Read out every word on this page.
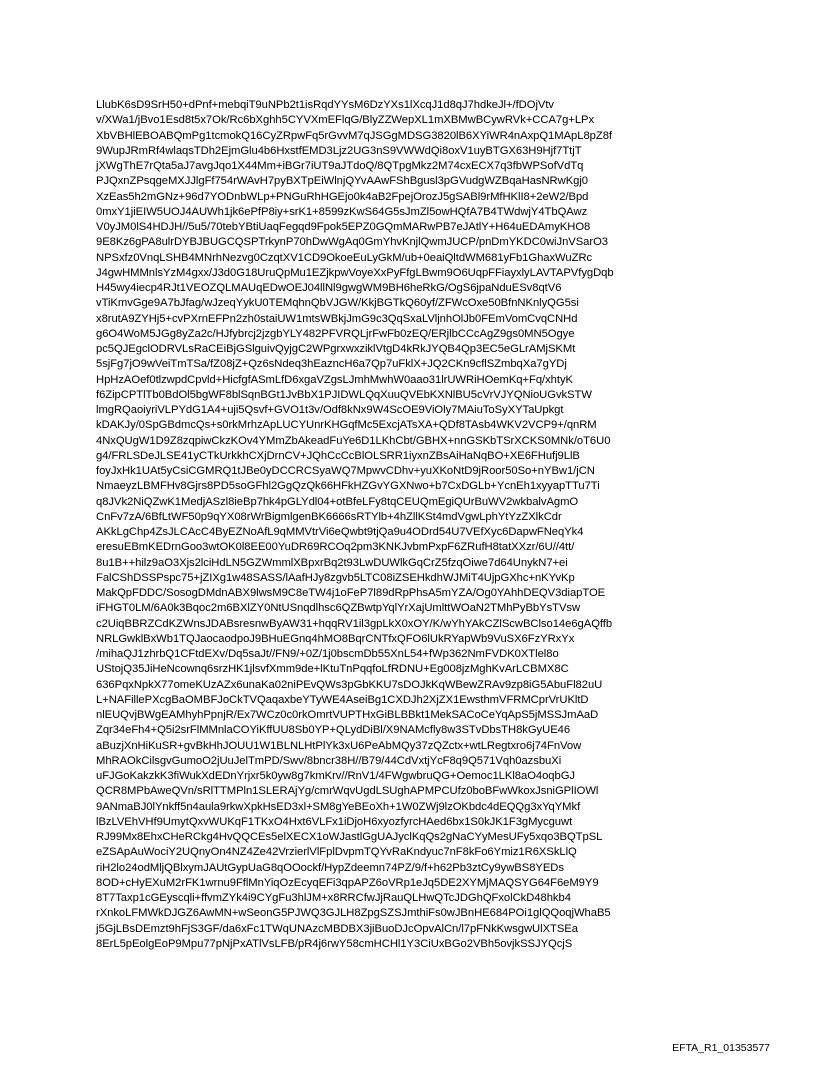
LlubK6sD9SrH50+dPnf+mebqiT9uNPb2t1isRqdYYsM6DzYXs1lXcqJ1d8qJ7hdkeJl+/fDOjVtv
v/XWa1/jBvo1Esd8t5x7Ok/Rc6bXghh5CYVXmEFlqG/BlyZZWepXL1mXBMwBCywRVk+CCA7g+LPx
XbVBHlEBOABQmPg1tcmokQ16CyZRpwFq5rGvvM7qJSGgMDSG3820lB6XYiWR4nAxpQ1MApL8pZ8f
9WupJRmRf4wlaqsTDh2EjmGlu4b6HxstfEMD3Ljz2UG3nS9VWWdQi8oxV1uyBTGX63H9Hjf7TtjT
jXWgThE7rQta5aJ7avgJqo1X44Mm+iBGr7iUT9aJTdoQ/8QTpgMkz2M74cxECX7q3fbWPSofVdTq
PJQxnZPsqgeMXJJlgFf754rWAvH7pyBXTpEiWlnjQYvAAwFShBgusl3pGVudgWZBqaHasNRwKgj0
XzEas5h2mGNz+96d7YODnbWLp+PNGuRhHGEjo0k4aB2FpejOrozJ5gSABl9rMfHKlI8+2eW2/Bpd
0mxY1jiEIW5UOJ4AUWh1jk6ePfP8iy+srK1+8599zKwS64G5sJmZl5owHQfA7B4TWdwjY4TbQAwz
V0yJM0lS4HDJH//5u5/70tebYBtiUaqFegqd9Fpok5EPZ0GQmMARwPB7eJAtlY+H64uEDAmyKHO8
9E8Kz6gPA8ulrDYBJBUGCQSPTrkynP70hDwWgAq0GmYhvKnjlQwmJUCP/pnDmYKDC0wiJnVSarO3
NPSxfz0VnqLSHB4MNrhNezvg0CzqtXV1CD9OkoeEuLyGkM/ub+0eaiQltdWM681yFb1GhaxWuZRc
J4gwHMMnlsYzM4gxx/J3d0G18UruQpMu1EZjkpwVoyeXxPyFfgLBwm9O6UqpFFiayxlyLAVTAPVfygDqb
H45wy4iecp4RJt1VEOZQLMAUqEDwOEJ04llNl9gwgWM9BH6heRkG/OgS6jpaNduESv8qtV6
vTiKmvGge9A7bJfag/wJzeqYykU0TEMqhnQbVJGW/KkjBGTkQ60yf/ZFWcOxe50BfnNKnlyQG5si
x8rutA9ZYHj5+cvPXrnEFPn2zh0staiUW1mtsWBkjJmG9c3QqSxaLVljnhOlJb0FEmVomCvqCNHd
g6O4WoM5JGg8yZa2c/HJfybrcj2jzgbYLY482PFVRQLjrFwFb0zEQ/ERjlbCCcAgZ9gs0MN5Ogye
pc5QJEgclODRVLsRaCEiBjGSlguivQyjgC2WPgrxwxziklVtgD4kRkJYQB4Qp3EC5eGLrAMjSKMt
5sjFg7jO9wVeiTmTSa/fZ08jZ+Qz6sNdeq3hEazncH6a7Qp7uFklX+JQ2CKn9cflSZmbqXa7gYDj
HpHzAOef0tlzwpdCpvld+HicfgfASmLfD6xgaVZgsLJmhMwhW0aao31lrUWRiHOemKq+Fq/xhtyK
f6ZipCPTlTb0BdOl5bgWF8blSqnBGt1JvBbX1PJIDWLQqXuuQVEbKXNlBU5cVrVJYQNioUGvkSTW
lmgRQaoiyriVLPYdG1A4+uji5Qsvf+GVO1t3v/Odf8kNx9W4ScOE9ViOly7MAiuToSyXYTaUpkgt
kDAKJy/0SpGBdmcQs+s0rkMrhzApLUCYUnrKHGqfMc5ExcjATsXA+QDf8TAsb4WKV2VCP9+/qnRM
4NxQUgW1D9Z8zqpiwCkzKOv4YMmZbAkeadFuYe6D1LKhCbt/GBHX+nnGSKbTSrXCKS0MNk/oT6U0
g4/FRLSDeJLSE41yCTkUrkkhCXjDrnCV+JQhCcCcBlOLSRR1iyxnZBsAiHaNqBO+XE6FHufj9LlB
foyJxHk1UAt5yCsiCGMRQ1tJBe0yDCCRCSyaWQ7MpwvCDhv+yuXKoNtD9jRoor50So+nYBw1/jCN
NmaeyzLBMFHv8Gjrs8PD5soGFhl2GgQzQk66HFkHZGvYGXNwo+b7CxDGLb+YcnEh1xyyapTTu7Ti
q8JVk2NiQZwK1MedjASzl8ieBp7hk4pGLYdl04+otBfeLFy8tqCEUQmEgiQUrBuWV2wkbalvAgmO
CnFv7zA/6BfLtWF50p9qYX08rWrBigmlgenBK6666sRTYlb+4hZllKSt4mdVgwLphYtYzZXlkCdr
AKkLgChp4ZsJLCAcC4ByEZNoAfL9qMMVtrVi6eQwbt9tjQa9u4ODrd54U7VEfXyc6DapwFNeqYk4
eresuEBmKEDrnGoo3wtOK0l8EE00YuDR69RCOq2pm3KNKJvbmPxpF6ZRufH8tatXXzr/6U//4tt/
8u1B++hilz9aO3Xjs2lciHdLN5GZWmmlXBpxrBq2t93LwDUWlkGqCrZ5fzqOiwe7d64UnykN7+ei
FalCShDSSPspc75+jZIXg1w48SASS/lAafHJy8zgvb5LTC08iZSEHkdhWJMiT4UjpGXhc+nKYvKp
MakQpFDDC/SosogDMdnABX9lwsM9C8eTW4j1oFeP7l89dRpPhsA5mYZA/Og0YAhhDEQV3diapTOE
iFHGT0LM/6A0k3Bqoc2m6BXlZY0NtUSnqdlhsc6QZBwtpYqlYrXajUmlttWOaN2TMhPyBbYsTVsw
c2UiqBBRZCdKZWnsJDABsresnwByAW31+hqqRV1il3gpLkX0xOY/K/wYhYAkCZlScwBClso14e6gAQffb
NRLGwklBxWb1TQJaocaodpoJ9BHuEGnq4hMO8BqrCNTfxQFO6lUkRYapWb9VuSX6FzYRxYx
/mihaQJ1zhrbQ1CFtdEXv/Dq5saJt//FN9/+0Z/1j0bscmDb55XnL54+fWp362NmFVDK0XTlel8o
UStojQ35JiHeNcownq6srzHK1jlsvfXmm9de+lKtuTnPqqfoLfRDNU+Eg008jzMghKvArLCBMX8C
636PqxNpkX77omeKUzAZx6unaKa02niPEvQWs3pGbKKU7sDOJkKqWBewZRAv9zp8iG5AbuFl82uU
L+NAFillePXcgBaOMBFJoCkTVQaqaxbeYTyWE4AseiBg1CXDJh2XjZX1EwsthmVFRMCprVrUKltD
nlEUQvjBWgEAMhyhPpnjR/Ex7WCz0c0rkOmrtVUPTHxGiBLBBkt1MekSACoCeYqApS5jMSSJmAaD
Zqr34eFh4+Q5i2srFlMMnlaCOYiKffUU8Sb0YP+QLydDiBl/X9NAMcfly8w3STvDbsTH8kGyUE46
aBuzjXnHiKuSR+gvBkHhJOUU1W1BLNLHtPlYk3xU6PeAbMQy37zQZctx+wtLRegtxro6j74FnVow
MhRAOkCilsgvGumoO2jUuJelTmPD/Swv/8bncr38H//B79/44CdVxtjYcF8q9Q571Vqh0azsbuXi
uFJGoKakzkK3fiWukXdEDnYrjxr5k0yw8g7kmKrv//RnV1/4FWgwbruQG+Oemoc1LKl8aO4oqbGJ
QCR8MPbAweQVn/sRlTTMPln1SLERAjYg/cmrWqvUgdLSUghAPMPCUfz0boBFwWkoxJsniGPlIOWl
9ANmaBJ0lYnkff5n4aula9rkwXpkHsED3xl+SM8gYeBEoXh+1W0ZWj9lzOKbdc4dEQQg3xYqYMkf
lBzLVEhVHf9UmytQxvWUKqF1TKxO4Hxt6VLFx1iDjoH6xyozfyrcHAed6bx1S0kJK1F3gMycguwt
RJ99Mx8EhxCHeRCkg4HvQQCEs5elXECX1oWJastlGgUAJyclKqQs2gNaCYyMesUFy5xqo3BQTpSL
eZSApAuWociY2UQnyOn4NZ4Ze42VrzierlVlFplDvpmTQYvRaKndyuc7nF8kFo6Ymiz1R6XSkLlQ
riH2lo24odMljQBlxymJAUtGypUaG8qOOockf/HypZdeemn74PZ/9/f+h62Pb3ztCy9ywBS8YEDs
8OD+cHyEXuM2rFK1wrnu9FflMnYiqOzEcyqEFi3qpAPZ6oVRp1eJq5DE2XYMjMAQSYG64F6eM9Y9
8T7Taxp1cGEyscqli+ffvmZYk4i9CYgFu3hlJM+x8RRCfwJjRauQLHwQTcJDGhQFxolCkD48hkb4
rXnkoLFMWkDJGZ6AwMN+wSeonG5PJWQ3GJLH8ZpgSZSJmthiFs0wJBnHE684POi1glQQoqjWhaB5
j5GjLBsDEmzt9hFjS3GF/da6xFc1TWqUNAzcMBDBX3jiBuoDJcOpvAlCn/l7pFNkKwsgwUlXTSEa
8ErL5pEolgEoP9Mpu77pNjPxATlVsLFB/pR4j6rwY58cmHCHl1Y3CiUxBGo2VBh5ovjkSSJYQcjS
EFTA_R1_01353577
